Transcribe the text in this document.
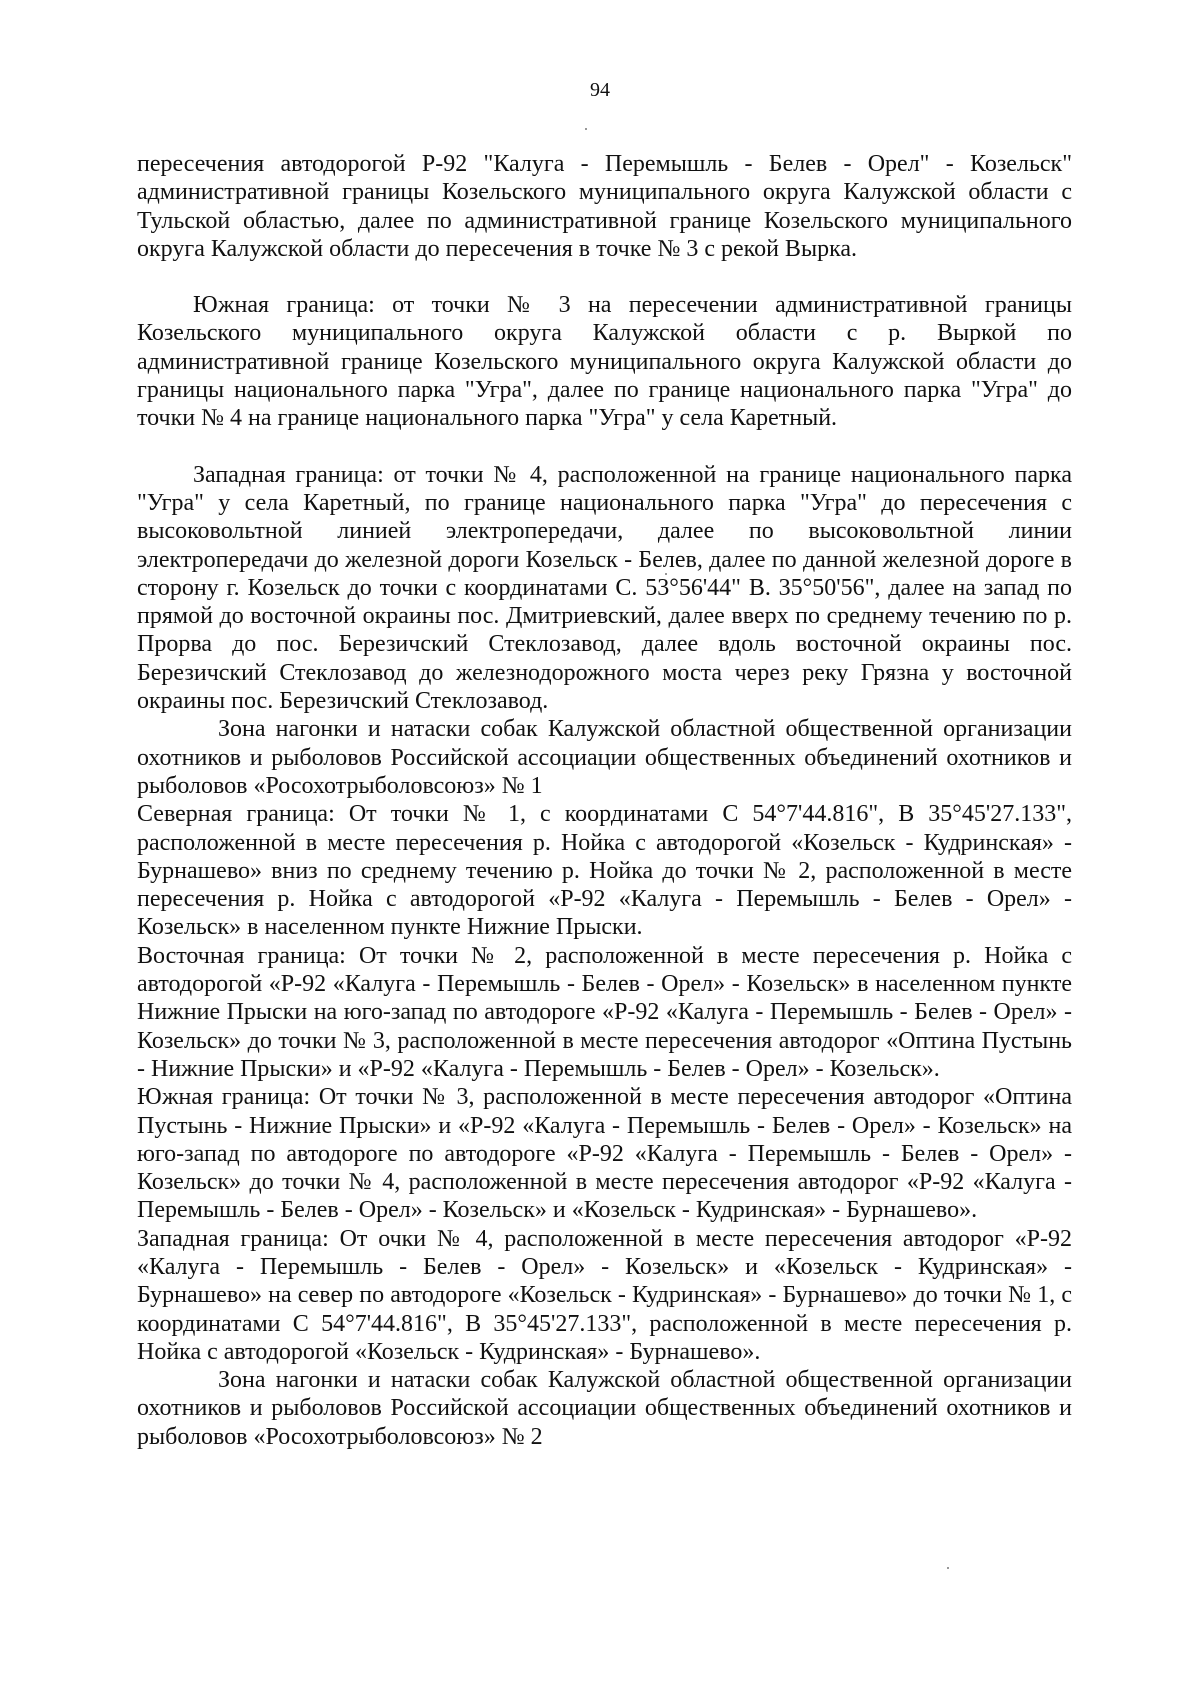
94

пересечения автодорогой Р-92 "Калуга - Перемышль - Белев - Орел" - Козельск" административной границы Козельского муниципального округа Калужской области с Тульской областью, далее по административной границе Козельского муниципального округа Калужской области до пересечения в точке № 3 с рекой Вырка.

Южная граница: от точки № 3 на пересечении административной границы Козельского муниципального округа Калужской области с р. Выркой по административной границе Козельского муниципального округа Калужской области до границы национального парка "Угра", далее по границе национального парка "Угра" до точки № 4 на границе национального парка "Угра" у села Каретный.

Западная граница: от точки № 4, расположенной на границе национального парка "Угра" у села Каретный, по границе национального парка "Угра" до пересечения с высоковольтной линией электропередачи, далее по высоковольтной линии электропередачи до железной дороги Козельск - Белев, далее по данной железной дороге в сторону г. Козельск до точки с координатами С. 53°56'44" В. 35°50'56", далее на запад по прямой до восточной окраины пос. Дмитриевский, далее вверх по среднему течению по р. Прорва до пос. Березичский Стеклозавод, далее вдоль восточной окраины пос. Березичский Стеклозавод до железнодорожного моста через реку Грязна у восточной окраины пос. Березичский Стеклозавод.

Зона нагонки и натаски собак Калужской областной общественной организации охотников и рыболовов Российской ассоциации общественных объединений охотников и рыболовов «Росохотрыболовсоюз» № 1

Северная граница: От точки № 1, с координатами С 54°7'44.816", В 35°45'27.133", расположенной в месте пересечения р. Нойка с автодорогой «Козельск - Кудринская» - Бурнашево» вниз по среднему течению р. Нойка до точки № 2, расположенной в месте пересечения р. Нойка с автодорогой «Р-92 «Калуга - Перемышль - Белев - Орел» - Козельск» в населенном пункте Нижние Прыски.

Восточная граница: От точки № 2, расположенной в месте пересечения р. Нойка с автодорогой «Р-92 «Калуга - Перемышль - Белев - Орел» - Козельск» в населенном пункте Нижние Прыски на юго-запад по автодороге «Р-92 «Калуга - Перемышль - Белев - Орел» - Козельск» до точки № 3, расположенной в месте пересечения автодорог «Оптина Пустынь - Нижние Прыски» и «Р-92 «Калуга - Перемышль - Белев - Орел» - Козельск».

Южная граница: От точки № 3, расположенной в месте пересечения автодорог «Оптина Пустынь - Нижние Прыски» и «Р-92 «Калуга - Перемышль - Белев - Орел» - Козельск» на юго-запад по автодороге по автодороге «Р-92 «Калуга - Перемышль - Белев - Орел» - Козельск» до точки № 4, расположенной в месте пересечения автодорог «Р-92 «Калуга - Перемышль - Белев - Орел» - Козельск» и «Козельск - Кудринская» - Бурнашево».

Западная граница: От очки № 4, расположенной в месте пересечения автодорог «Р-92 «Калуга - Перемышль - Белев - Орел» - Козельск» и «Козельск - Кудринская» - Бурнашево» на север по автодороге «Козельск - Кудринская» - Бурнашево» до точки № 1, с координатами С 54°7'44.816", В 35°45'27.133", расположенной в месте пересечения р. Нойка с автодорогой «Козельск - Кудринская» - Бурнашево».

Зона нагонки и натаски собак Калужской областной общественной организации охотников и рыболовов Российской ассоциации общественных объединений охотников и рыболовов «Росохотрыболовсоюз» № 2
